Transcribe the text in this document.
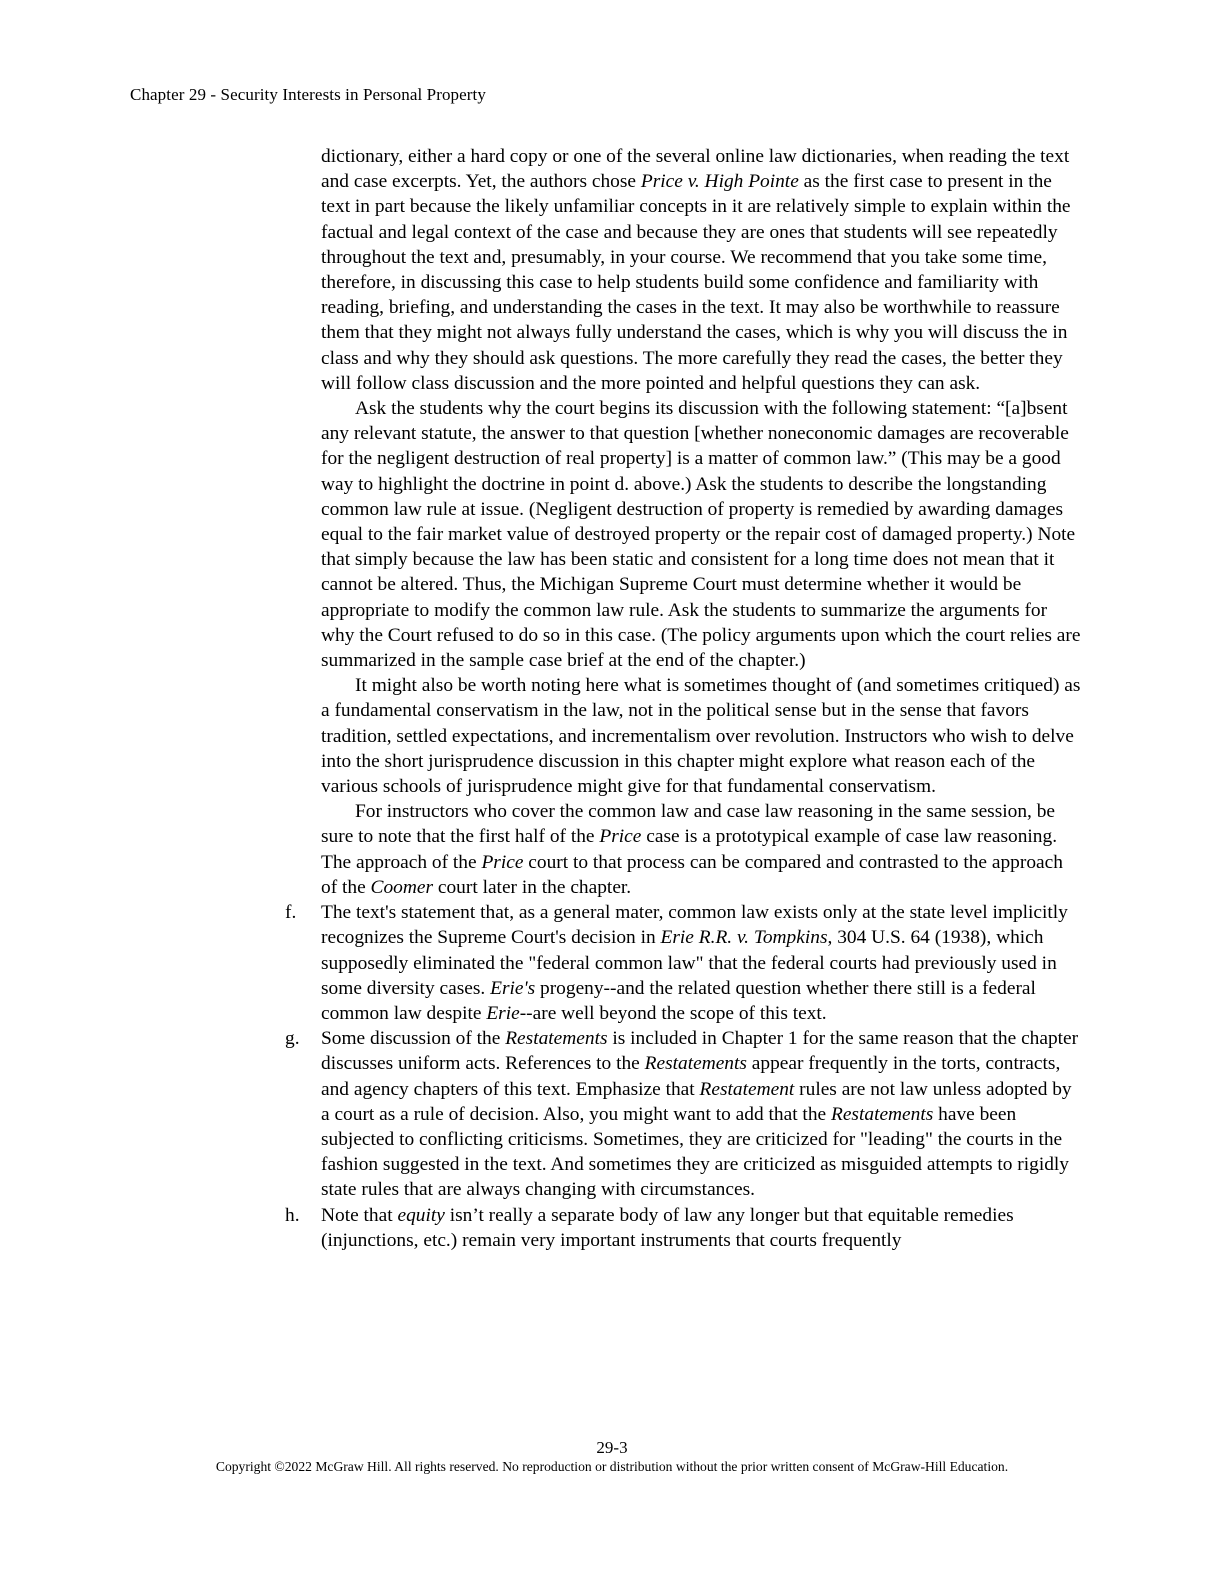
Chapter 29 - Security Interests in Personal Property

dictionary, either a hard copy or one of the several online law dictionaries, when reading the text and case excerpts. Yet, the authors chose Price v. High Pointe as the first case to present in the text in part because the likely unfamiliar concepts in it are relatively simple to explain within the factual and legal context of the case and because they are ones that students will see repeatedly throughout the text and, presumably, in your course. We recommend that you take some time, therefore, in discussing this case to help students build some confidence and familiarity with reading, briefing, and understanding the cases in the text. It may also be worthwhile to reassure them that they might not always fully understand the cases, which is why you will discuss the in class and why they should ask questions. The more carefully they read the cases, the better they will follow class discussion and the more pointed and helpful questions they can ask.

Ask the students why the court begins its discussion with the following statement: “[a]bsent any relevant statute, the answer to that question [whether noneconomic damages are recoverable for the negligent destruction of real property] is a matter of common law.” (This may be a good way to highlight the doctrine in point d. above.) Ask the students to describe the longstanding common law rule at issue. (Negligent destruction of property is remedied by awarding damages equal to the fair market value of destroyed property or the repair cost of damaged property.) Note that simply because the law has been static and consistent for a long time does not mean that it cannot be altered. Thus, the Michigan Supreme Court must determine whether it would be appropriate to modify the common law rule. Ask the students to summarize the arguments for why the Court refused to do so in this case. (The policy arguments upon which the court relies are summarized in the sample case brief at the end of the chapter.)

It might also be worth noting here what is sometimes thought of (and sometimes critiqued) as a fundamental conservatism in the law, not in the political sense but in the sense that favors tradition, settled expectations, and incrementalism over revolution. Instructors who wish to delve into the short jurisprudence discussion in this chapter might explore what reason each of the various schools of jurisprudence might give for that fundamental conservatism.

For instructors who cover the common law and case law reasoning in the same session, be sure to note that the first half of the Price case is a prototypical example of case law reasoning. The approach of the Price court to that process can be compared and contrasted to the approach of the Coomer court later in the chapter.

f. The text's statement that, as a general mater, common law exists only at the state level implicitly recognizes the Supreme Court's decision in Erie R.R. v. Tompkins, 304 U.S. 64 (1938), which supposedly eliminated the "federal common law" that the federal courts had previously used in some diversity cases. Erie's progeny--and the related question whether there still is a federal common law despite Erie--are well beyond the scope of this text.
g. Some discussion of the Restatements is included in Chapter 1 for the same reason that the chapter discusses uniform acts. References to the Restatements appear frequently in the torts, contracts, and agency chapters of this text. Emphasize that Restatement rules are not law unless adopted by a court as a rule of decision. Also, you might want to add that the Restatements have been subjected to conflicting criticisms. Sometimes, they are criticized for "leading" the courts in the fashion suggested in the text. And sometimes they are criticized as misguided attempts to rigidly state rules that are always changing with circumstances.
h. Note that equity isn’t really a separate body of law any longer but that equitable remedies (injunctions, etc.) remain very important instruments that courts frequently
29-3
Copyright ©2022 McGraw Hill. All rights reserved. No reproduction or distribution without the prior written consent of McGraw-Hill Education.
